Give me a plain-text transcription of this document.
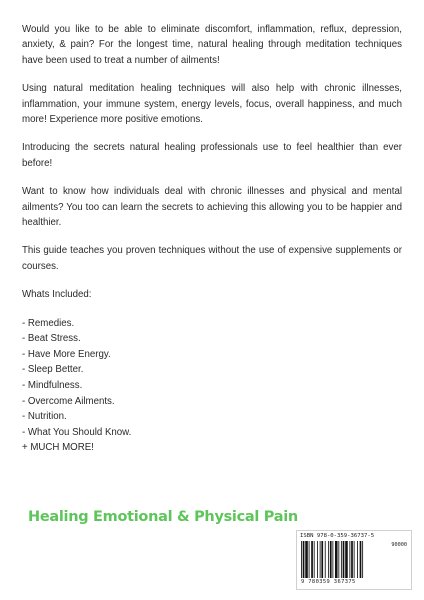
Would you like to be able to eliminate discomfort, inflammation, reflux, depression, anxiety, & pain? For the longest time, natural healing through meditation techniques have been used to treat a number of ailments!

Using natural meditation healing techniques will also help with chronic illnesses, inflammation, your immune system, energy levels, focus, overall happiness, and much more! Experience more positive emotions.

Introducing the secrets natural healing professionals use to feel healthier than ever before!

Want to know how individuals deal with chronic illnesses and physical and mental ailments? You too can learn the secrets to achieving this allowing you to be happier and healthier.

This guide teaches you proven techniques without the use of expensive supplements or courses.

Whats Included:

- Remedies.
- Beat Stress.
- Have More Energy.
- Sleep Better.
- Mindfulness.
- Overcome Ailments.
- Nutrition.
- What You Should Know.
+ MUCH MORE!
Healing Emotional & Physical Pain
ISBN 978-0-359-36737-5
90000
9 780359 367375
